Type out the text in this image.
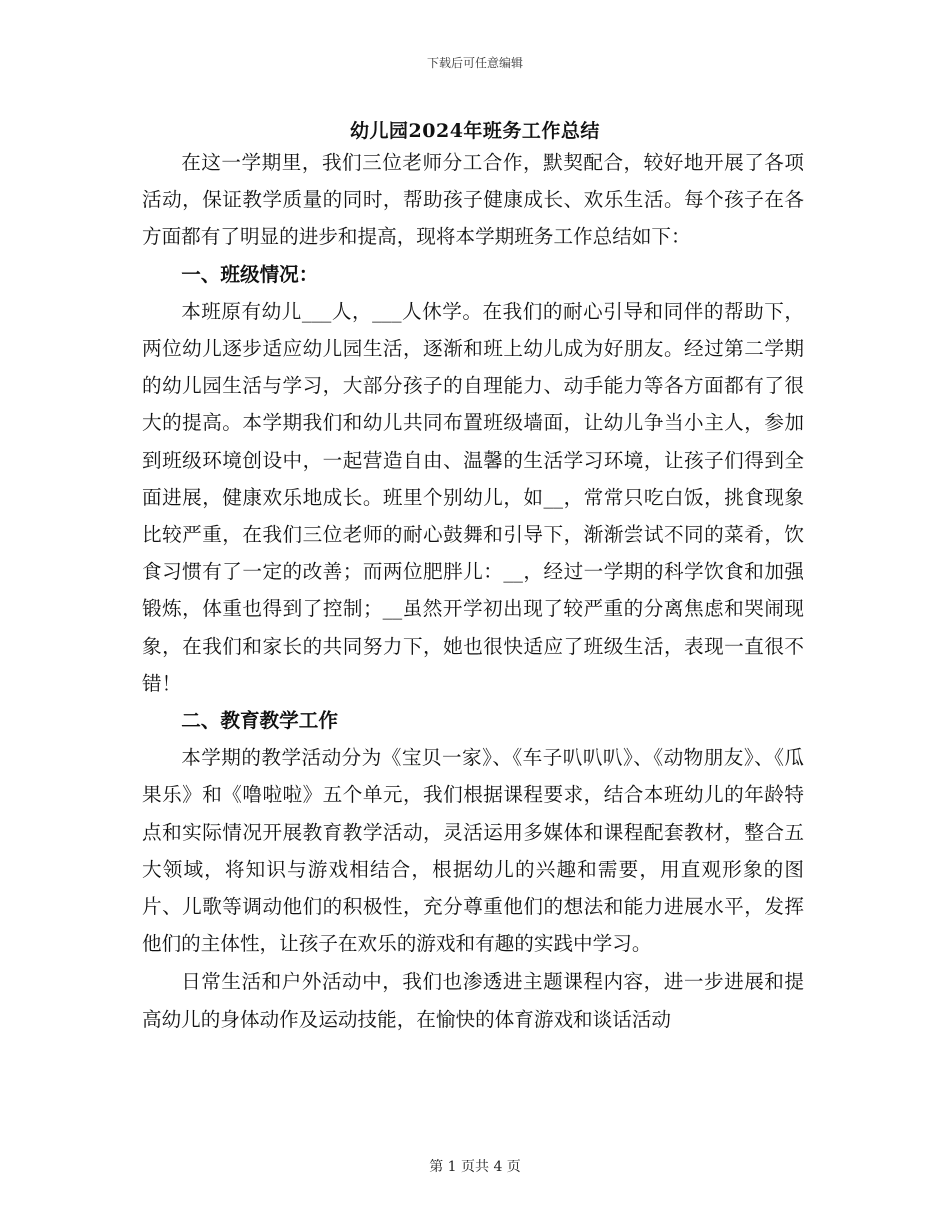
下载后可任意编辑
幼儿园2024年班务工作总结

在这一学期里，我们三位老师分工合作，默契配合，较好地开展了各项活动，保证教学质量的同时，帮助孩子健康成长、欢乐生活。每个孩子在各方面都有了明显的进步和提高，现将本学期班务工作总结如下：

一、班级情况：

本班原有幼儿___人，___人休学。在我们的耐心引导和同伴的帮助下，两位幼儿逐步适应幼儿园生活，逐渐和班上幼儿成为好朋友。经过第二学期的幼儿园生活与学习，大部分孩子的自理能力、动手能力等各方面都有了很大的提高。本学期我们和幼儿共同布置班级墙面，让幼儿争当小主人，参加到班级环境创设中，一起营造自由、温馨的生活学习环境，让孩子们得到全面进展，健康欢乐地成长。班里个别幼儿，如__，常常只吃白饭，挑食现象比较严重，在我们三位老师的耐心鼓舞和引导下，渐渐尝试不同的菜肴，饮食习惯有了一定的改善；而两位肥胖儿：__，经过一学期的科学饮食和加强锻炼，体重也得到了控制；__虽然开学初出现了较严重的分离焦虑和哭闹现象，在我们和家长的共同努力下，她也很快适应了班级生活，表现一直很不错！

二、教育教学工作

本学期的教学活动分为《宝贝一家》、《车子叭叭叭》、《动物朋友》、《瓜果乐》和《噜啦啦》五个单元，我们根据课程要求，结合本班幼儿的年龄特点和实际情况开展教育教学活动，灵活运用多媒体和课程配套教材，整合五大领域，将知识与游戏相结合，根据幼儿的兴趣和需要，用直观形象的图片、儿歌等调动他们的积极性，充分尊重他们的想法和能力进展水平，发挥他们的主体性，让孩子在欢乐的游戏和有趣的实践中学习。

日常生活和户外活动中，我们也渗透进主题课程内容，进一步进展和提高幼儿的身体动作及运动技能，在愉快的体育游戏和谈话活动

第 1 页共 4 页
